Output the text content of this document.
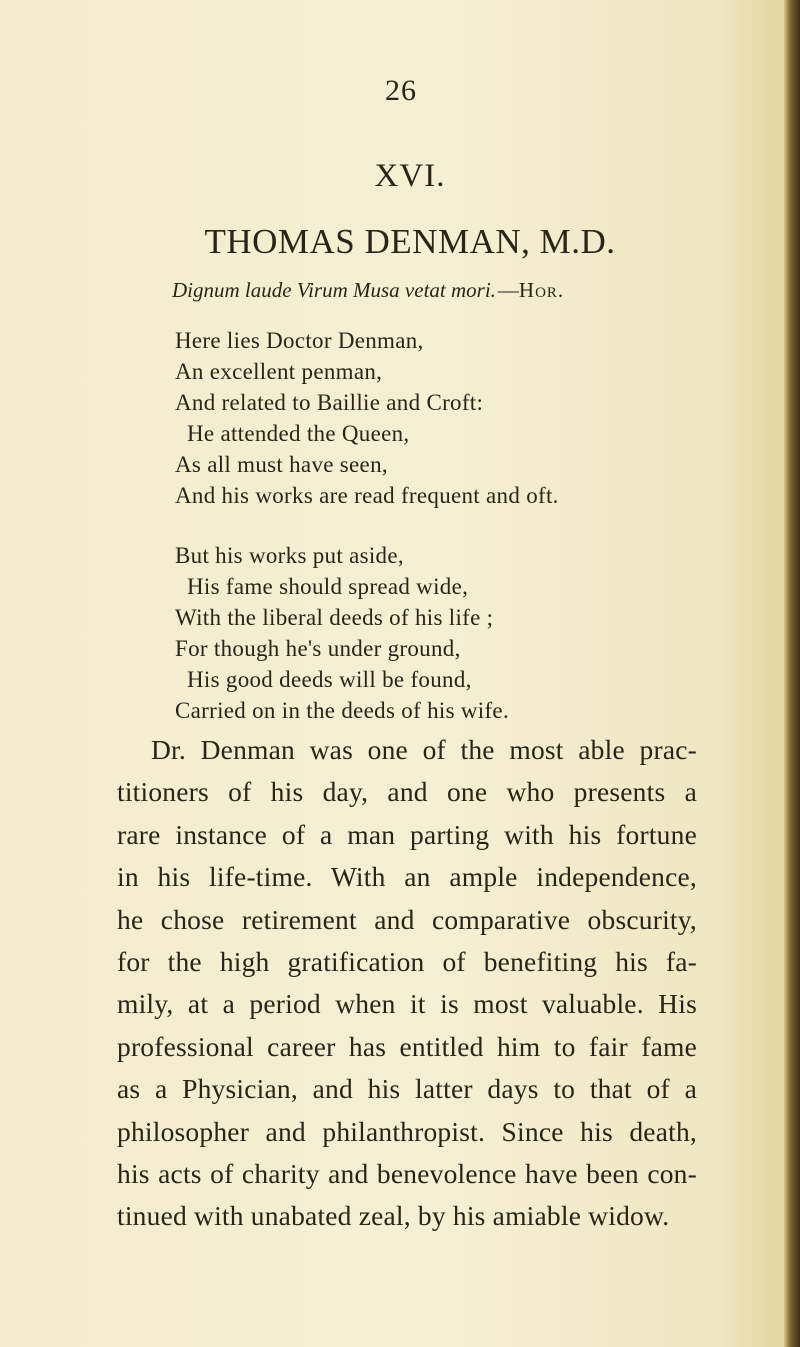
26
XVI.
THOMAS DENMAN, M.D.
Dignum laude Virum Musa vetat mori.—Hor.
Here lies Doctor Denman,
An excellent penman,
And related to Baillie and Croft:
He attended the Queen,
As all must have seen,
And his works are read frequent and oft.
But his works put aside,
His fame should spread wide,
With the liberal deeds of his life ;
For though he's under ground,
His good deeds will be found,
Carried on in the deeds of his wife.
Dr. Denman was one of the most able prac-
titioners of his day, and one who presents a
rare instance of a man parting with his fortune
in his life-time. With an ample independence,
he chose retirement and comparative obscurity,
for the high gratification of benefiting his fa-
mily, at a period when it is most valuable. His
professional career has entitled him to fair fame
as a Physician, and his latter days to that of a
philosopher and philanthropist. Since his death,
his acts of charity and benevolence have been con-
tinued with unabated zeal, by his amiable widow.
